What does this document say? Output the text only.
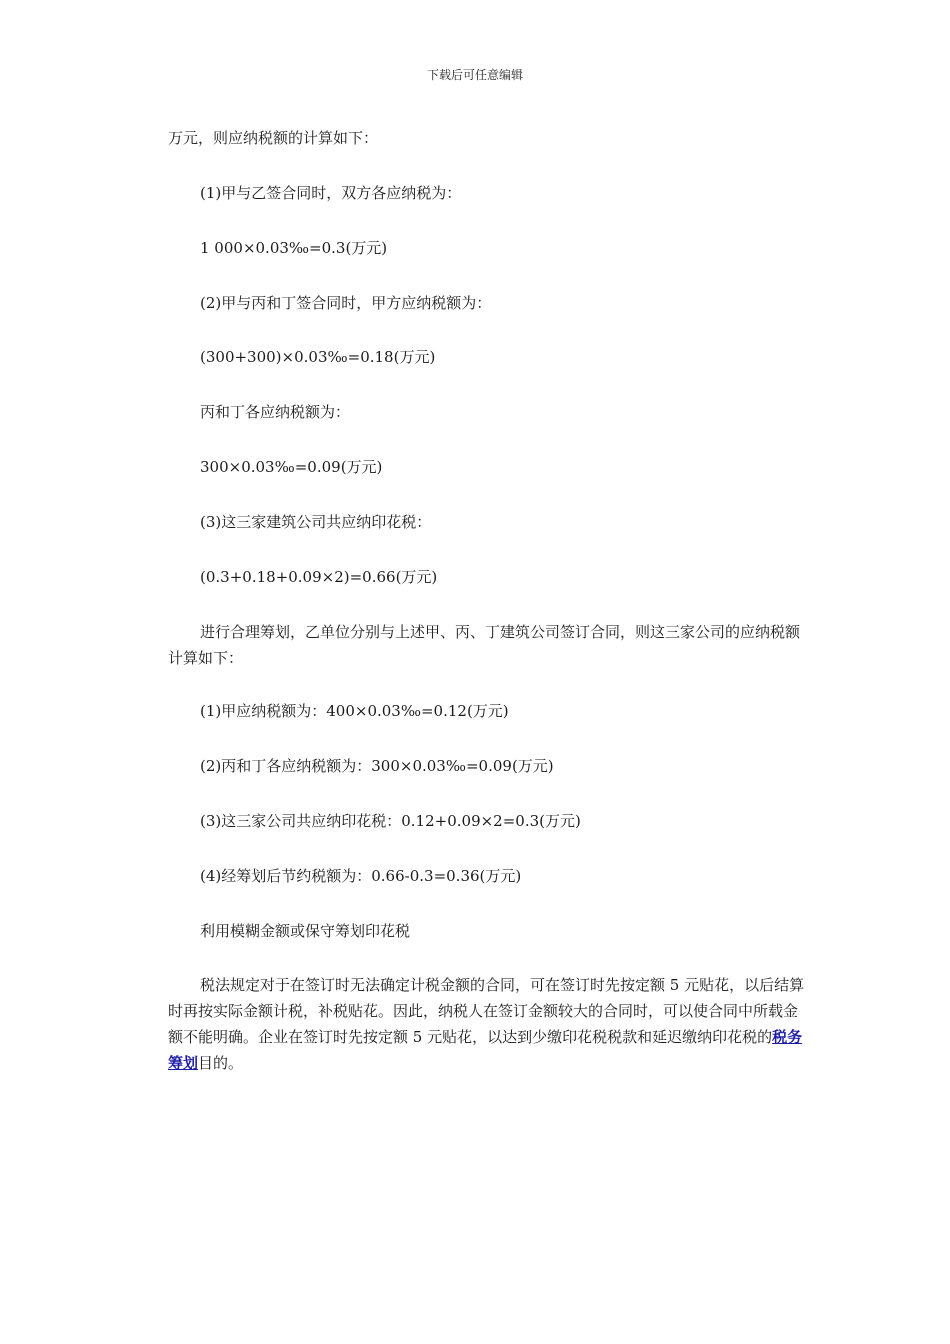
下载后可任意编辑
万元，则应纳税额的计算如下：
(1)甲与乙签合同时，双方各应纳税为：
1 000×0.03‰=0.3(万元)
(2)甲与丙和丁签合同时，甲方应纳税额为：
(300+300)×0.03‰=0.18(万元)
丙和丁各应纳税额为：
300×0.03‰=0.09(万元)
(3)这三家建筑公司共应纳印花税：
(0.3+0.18+0.09×2)=0.66(万元)
进行合理筹划，乙单位分别与上述甲、丙、丁建筑公司签订合同，则这三家公司的应纳税额计算如下：
(1)甲应纳税额为：400×0.03‰=0.12(万元)
(2)丙和丁各应纳税额为：300×0.03‰=0.09(万元)
(3)这三家公司共应纳印花税：0.12+0.09×2=0.3(万元)
(4)经筹划后节约税额为：0.66-0.3=0.36(万元)
利用模糊金额或保守筹划印花税
税法规定对于在签订时无法确定计税金额的合同，可在签订时先按定额 5 元贴花，以后结算时再按实际金额计税，补税贴花。因此，纳税人在签订金额较大的合同时，可以使合同中所载金额不能明确。企业在签订时先按定额 5 元贴花，以达到少缴印花税税款和延迟缴纳印花税的税务筹划目的。
